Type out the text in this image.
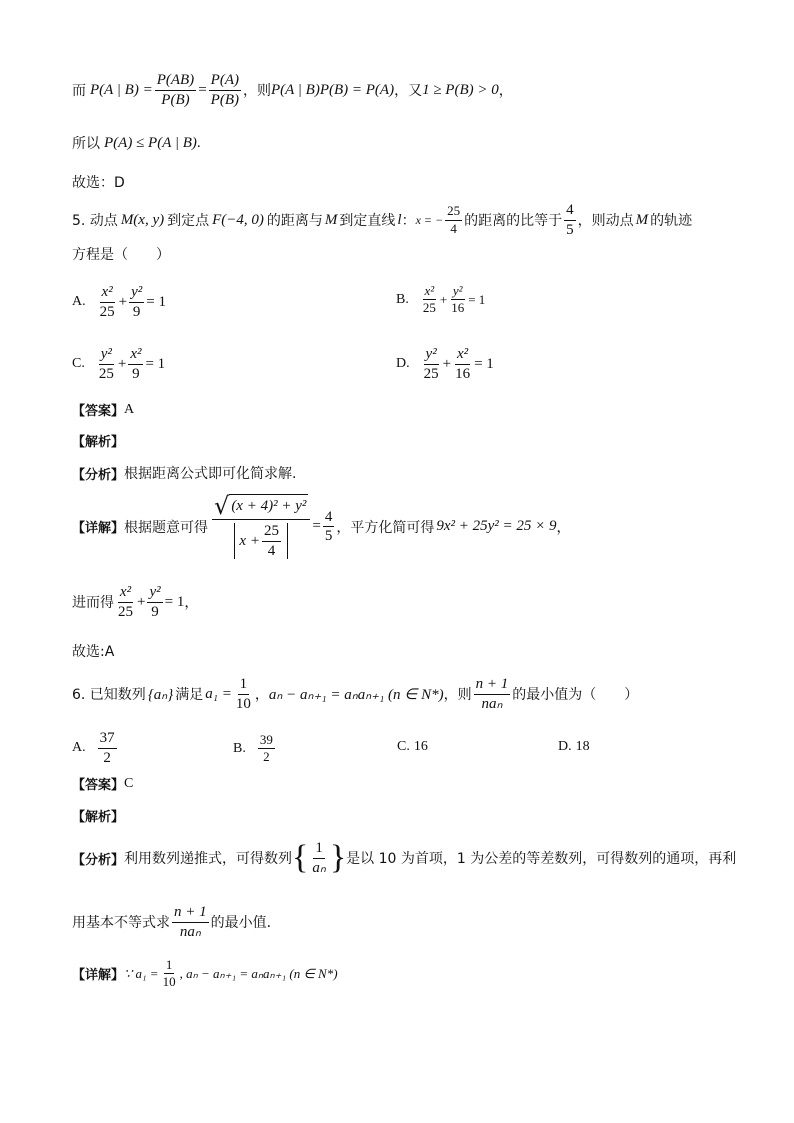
而 P(A | $B) = \frac{P(AB)}{P(B)} = \frac{P(A)}{P(B)}$ ，则 P(A | B)P(B) = P(A) ，又 1 ≥ P(B) > 0 ，
所以 P(A) ≤ P(A | B) .
故选：D
5. 动点 M(x, y) 到定点 F(−4, 0) 的距离与 M 到定直线 l ： x = − $\frac{25}{4}$ 的距离的比等于 $\frac{4}{5}$ ，则动点 M 的轨迹
方程是（　　）
A. $\frac{\text{x²}}{25} + \frac{\text{y²}}{9} = 1$	B. $\frac{\text{x²}}{25} + \frac{\text{y²}}{16} = 1$
C. $\frac{\text{y²}}{25} + \frac{\text{x²}}{9} = 1$	D. $\frac{\text{y²}}{25} + \frac{\text{x²}}{16} = 1$
【答案】 A
【解析】
【分析】 根据距离公式即可化简求解.
【详解】 根据题意可得 $\frac{\text{√ (x + 4)² + y²}}{x + \frac{25}{4}} = \frac{4}{5}$ ，平方化简可得 9x² + 25y² = 25 × 9 ，
进而得 $\frac{\text{x²}}{25} + \frac{\text{y²}}{9} = 1$ ，
故选:A
6. 已知数列 {aₙ} 满足 $a_1 = \frac{1}{10}$ ， aₙ − aₙ₊₁ = aₙaₙ₊₁ (n ∈ N*) ，则
n + 1
naₙ
的最小值为（　　）
A. $\frac{37}{2}$	B. $\frac{39}{2}$	C. 16	D. 18
【答案】 C
【解析】
【分析】 利用数列递推式，可得数列 { $\frac{1}{\text{aₙ}}$ } 是以 10 为首项，1 为公差的等差数列，可得数列的通项，再利
用基本不等式求
n + 1
naₙ
的最小值．
【详解】 ∵ $a_1 = \frac{1}{10}$ , aₙ − aₙ₊₁ = aₙaₙ₊₁ (n ∈ N*)
